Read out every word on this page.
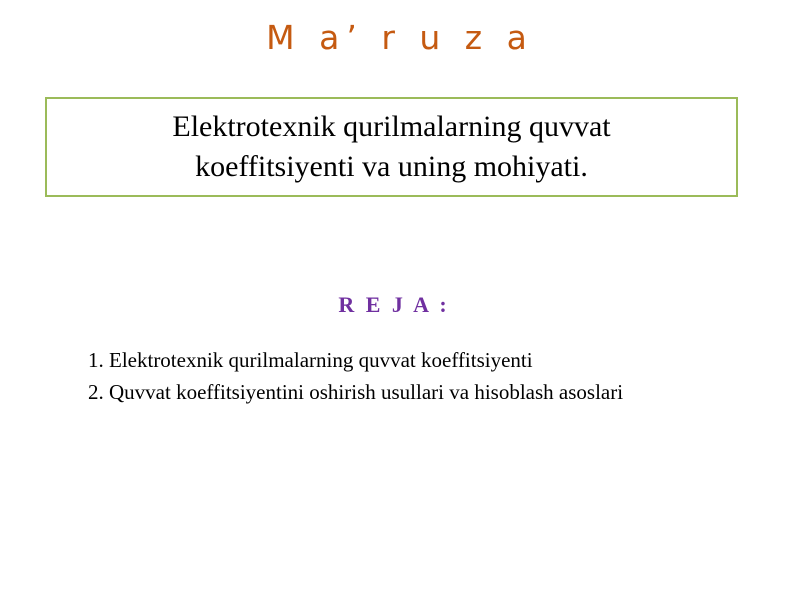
M a’ r u z a
Elektrotexnik qurilmalarning quvvat
koeffitsiyenti va uning mohiyati.
R E J A :
1. Elektrotexnik qurilmalarning quvvat koeffitsiyenti
2. Quvvat koeffitsiyentini oshirish usullari va hisoblash asoslari
